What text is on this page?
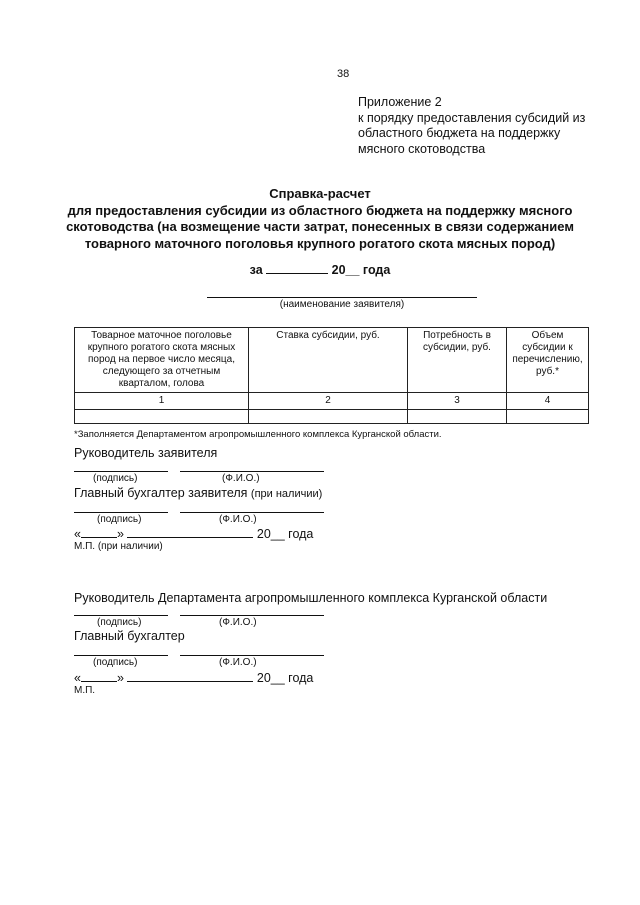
38
Приложение 2
к порядку предоставления субсидий из
областного бюджета на поддержку
мясного скотоводства
Справка-расчет
для предоставления субсидии из областного бюджета на поддержку мясного
скотоводства (на возмещение части затрат, понесенных в связи содержанием
товарного маточного поголовья крупного рогатого скота мясных пород)
за	20__ года
(наименование заявителя)
Товарное маточное поголовье крупного рогатого скота мясных пород на первое число месяца, следующего за отчетным кварталом, голова	Ставка субсидии, руб.	Потребность в субсидии, руб.	Объем субсидии к перечислению, руб.*
1	2	3	4

*Заполняется Департаментом агропромышленного комплекса Курганской области.
Руководитель заявителя
(подпись)	(Ф.И.О.)
Главный бухгалтер заявителя (при наличии)
(подпись)	(Ф.И.О.)
«	»	20__ года
М.П. (при наличии)
Руководитель Департамента агропромышленного комплекса Курганской области
(подпись)	(Ф.И.О.)
Главный бухгалтер
(подпись)	(Ф.И.О.)
«	»	20__ года
М.П.
